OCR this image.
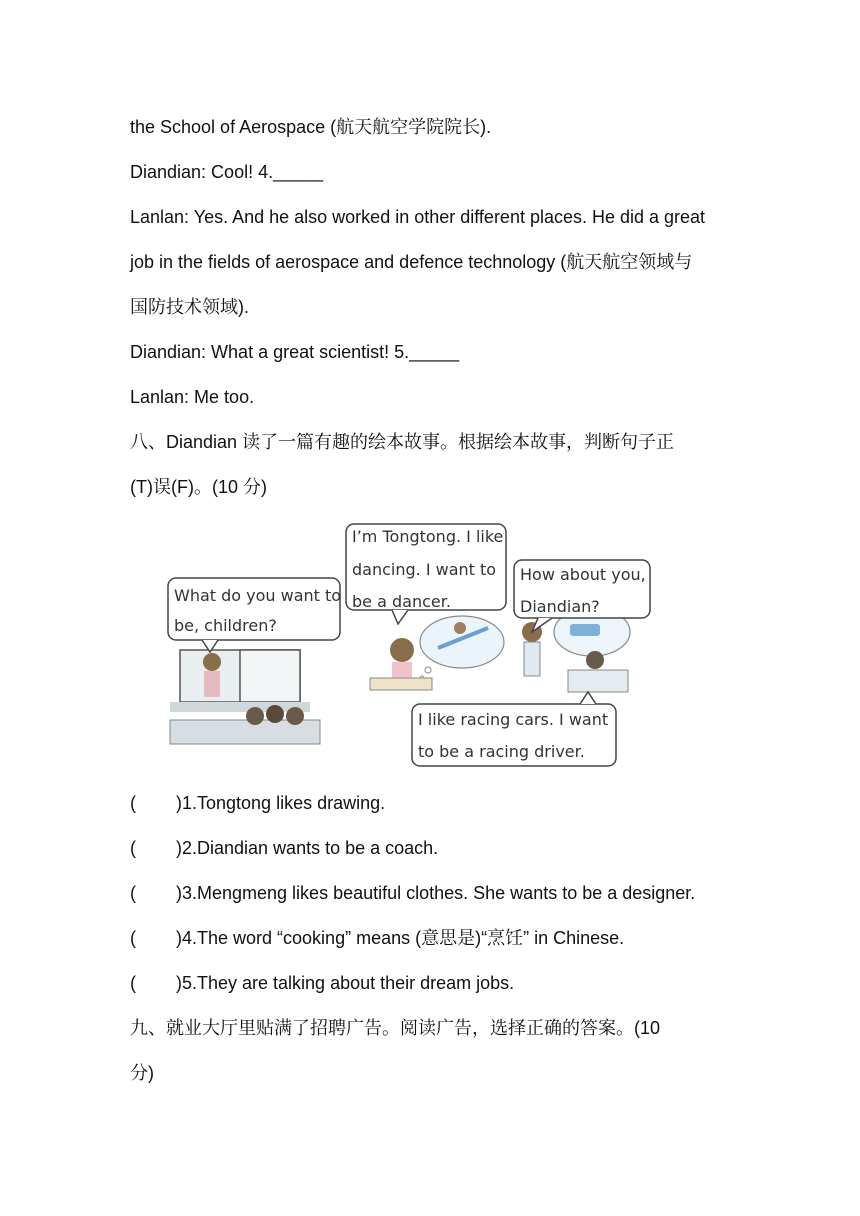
the School of Aerospace (航天航空学院院长).
Diandian: Cool! 4._____
Lanlan: Yes. And he also worked in other different places. He did a great
job in the fields of aerospace and defence technology (航天航空领域与
国防技术领域).
Diandian: What a great scientist! 5._____
Lanlan: Me too.
八、Diandian 读了一篇有趣的绘本故事。根据绘本故事，判断句子正
(T)误(F)。(10 分)
What do you want to
be, children?
I’m Tongtong. I like
dancing. I want to
be a dancer.
How about you,
Diandian?
I like racing cars. I want
to be a racing driver.
( )1.Tongtong likes drawing.
( )2.Diandian wants to be a coach.
( )3.Mengmeng likes beautiful clothes. She wants to be a designer.
( )4.The word “cooking” means (意思是)“烹饪” in Chinese.
( )5.They are talking about their dream jobs.
九、就业大厅里贴满了招聘广告。阅读广告，选择正确的答案。(10
分)
